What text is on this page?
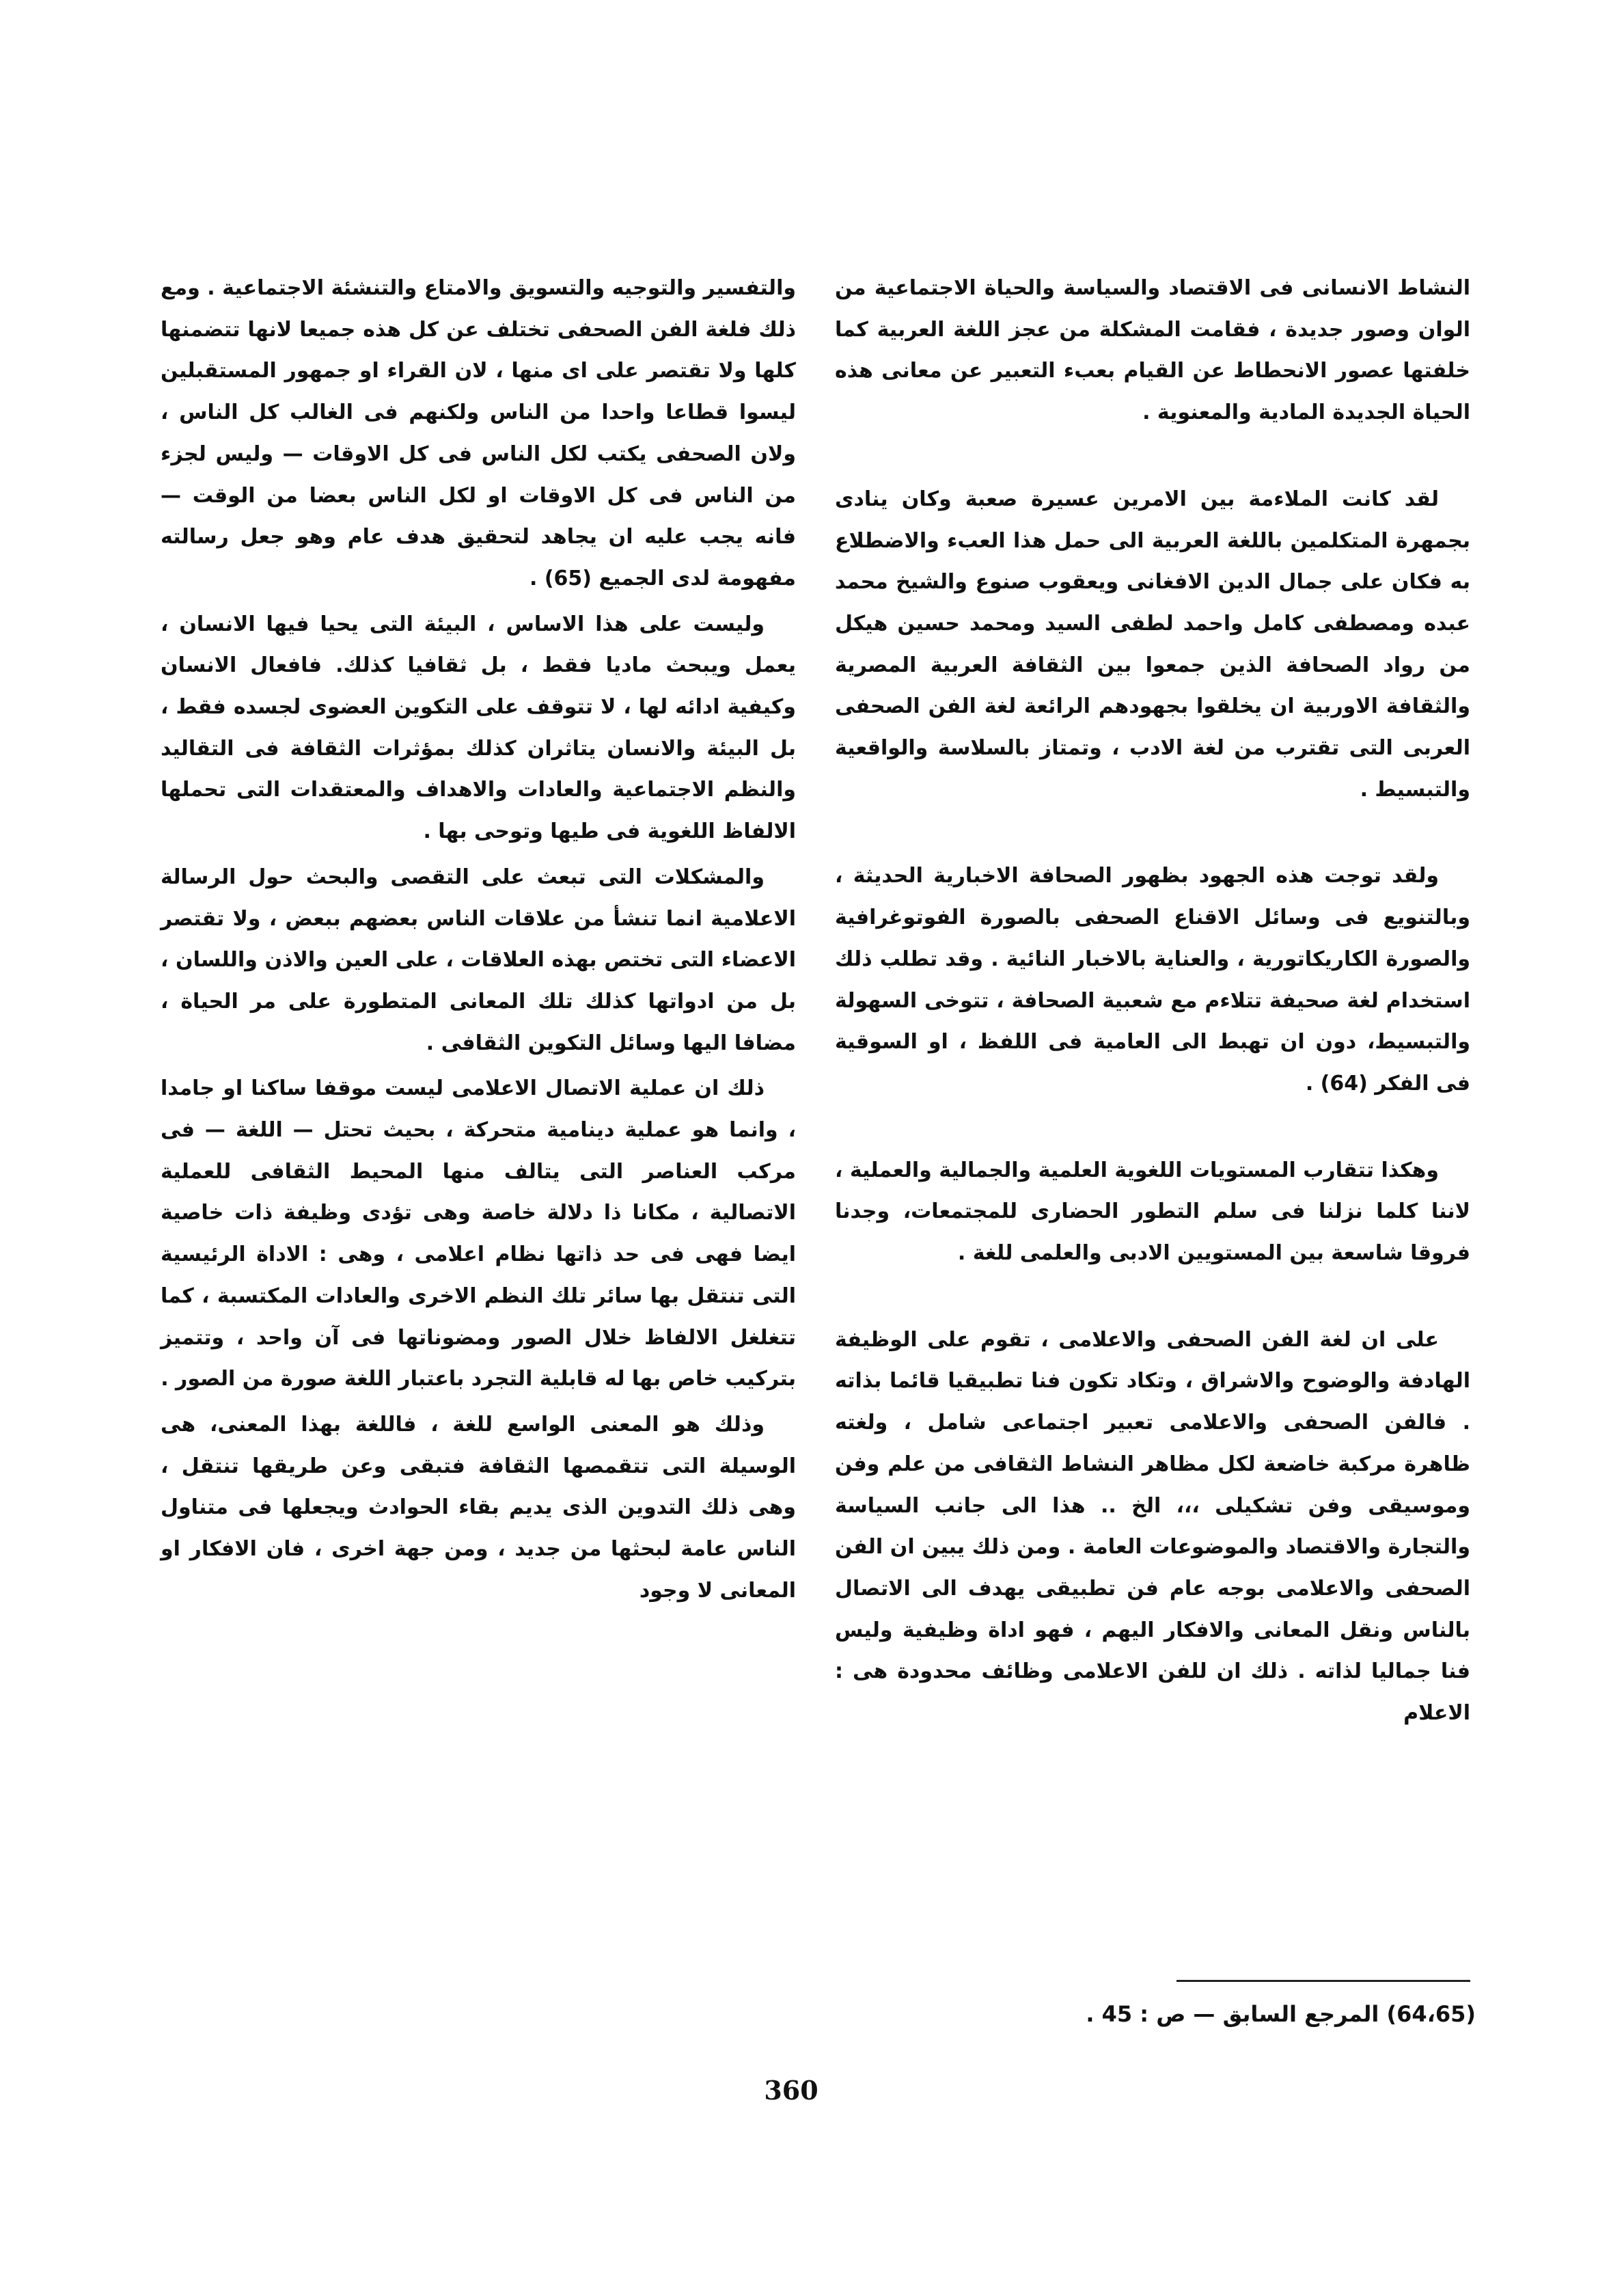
النشاط الانسانى فى الاقتصاد والسياسة والحياة الاجتماعية من الوان وصور جديدة ، فقامت المشكلة من عجز اللغة العربية كما خلفتها عصور الانحطاط عن القيام بعبء التعبير عن معانى هذه الحياة الجديدة المادية والمعنوية .

لقد كانت الملاءمة بين الامرين عسيرة صعبة وكان ينادى بجمهرة المتكلمين باللغة العربية الى حمل هذا العبء والاضطلاع به فكان على جمال الدين الافغانى ويعقوب صنوع والشيخ محمد عبده ومصطفى كامل واحمد لطفى السيد ومحمد حسين هيكل من رواد الصحافة الذين جمعوا بين الثقافة العربية المصرية والثقافة الاوربية ان يخلقوا بجهودهم الرائعة لغة الفن الصحفى العربى التى تقترب من لغة الادب ، وتمتاز بالسلاسة والواقعية والتبسيط .

ولقد توجت هذه الجهود بظهور الصحافة الاخبارية الحديثة ، وبالتنويع فى وسائل الاقناع الصحفى بالصورة الفوتوغرافية والصورة الكاريكاتورية ، والعناية بالاخبار النائية . وقد تطلب ذلك استخدام لغة صحيفة تتلاءم مع شعبية الصحافة ، تتوخى السهولة والتبسيط، دون ان تهبط الى العامية فى اللفظ ، او السوقية فى الفكر (64) .

وهكذا تتقارب المستويات اللغوية العلمية والجمالية والعملية ، لاننا كلما نزلنا فى سلم التطور الحضارى للمجتمعات، وجدنا فروقا شاسعة بين المستويين الادبى والعلمى للغة .

على ان لغة الفن الصحفى والاعلامى ، تقوم على الوظيفة الهادفة والوضوح والاشراق ، وتكاد تكون فنا تطبيقيا قائما بذاته . فالفن الصحفى والاعلامى تعبير اجتماعى شامل ، ولغته ظاهرة مركبة خاضعة لكل مظاهر النشاط الثقافى من علم وفن وموسيقى وفن تشكيلى ،،، الخ .. هذا الى جانب السياسة والتجارة والاقتصاد والموضوعات العامة . ومن ذلك يبين ان الفن الصحفى والاعلامى بوجه عام فن تطبيقى يهدف الى الاتصال بالناس ونقل المعانى والافكار اليهم ، فهو اداة وظيفية وليس فنا جماليا لذاته . ذلك ان للفن الاعلامى وظائف محدودة هى : الاعلام

والتفسير والتوجيه والتسويق والامتاع والتنشئة الاجتماعية . ومع ذلك فلغة الفن الصحفى تختلف عن كل هذه جميعا لانها تتضمنها كلها ولا تقتصر على اى منها ، لان القراء او جمهور المستقبلين ليسوا قطاعا واحدا من الناس ولكنهم فى الغالب كل الناس ، ولان الصحفى يكتب لكل الناس فى كل الاوقات — وليس لجزء من الناس فى كل الاوقات او لكل الناس بعضا من الوقت — فانه يجب عليه ان يجاهد لتحقيق هدف عام وهو جعل رسالته مفهومة لدى الجميع (65) .

وليست على هذا الاساس ، البيئة التى يحيا فيها الانسان ، يعمل ويبحث ماديا فقط ، بل ثقافيا كذلك. فافعال الانسان وكيفية ادائه لها ، لا تتوقف على التكوين العضوى لجسده فقط ، بل البيئة والانسان يتاثران كذلك بمؤثرات الثقافة فى التقاليد والنظم الاجتماعية والعادات والاهداف والمعتقدات التى تحملها الالفاظ اللغوية فى طيها وتوحى بها .

والمشكلات التى تبعث على التقصى والبحث حول الرسالة الاعلامية انما تنشأ من علاقات الناس بعضهم ببعض ، ولا تقتصر الاعضاء التى تختص بهذه العلاقات ، على العين والاذن واللسان ، بل من ادواتها كذلك تلك المعانى المتطورة على مر الحياة ، مضافا اليها وسائل التكوين الثقافى .

ذلك ان عملية الاتصال الاعلامى ليست موقفا ساكنا او جامدا ، وانما هو عملية دينامية متحركة ، بحيث تحتل — اللغة — فى مركب العناصر التى يتالف منها المحيط الثقافى للعملية الاتصالية ، مكانا ذا دلالة خاصة وهى تؤدى وظيفة ذات خاصية ايضا فهى فى حد ذاتها نظام اعلامى ، وهى : الاداة الرئيسية التى تنتقل بها سائر تلك النظم الاخرى والعادات المكتسبة ، كما تتغلغل الالفاظ خلال الصور ومضوناتها فى آن واحد ، وتتميز بتركيب خاص بها له قابلية التجرد باعتبار اللغة صورة من الصور .

وذلك هو المعنى الواسع للغة ، فاللغة بهذا المعنى، هى الوسيلة التى تتقمصها الثقافة فتبقى وعن طريقها تنتقل ، وهى ذلك التدوين الذى يديم بقاء الحوادث ويجعلها فى متناول الناس عامة لبحثها من جديد ، ومن جهة اخرى ، فان الافكار او المعانى لا وجود

(64،65) المرجع السابق — ص : 45 .
360
